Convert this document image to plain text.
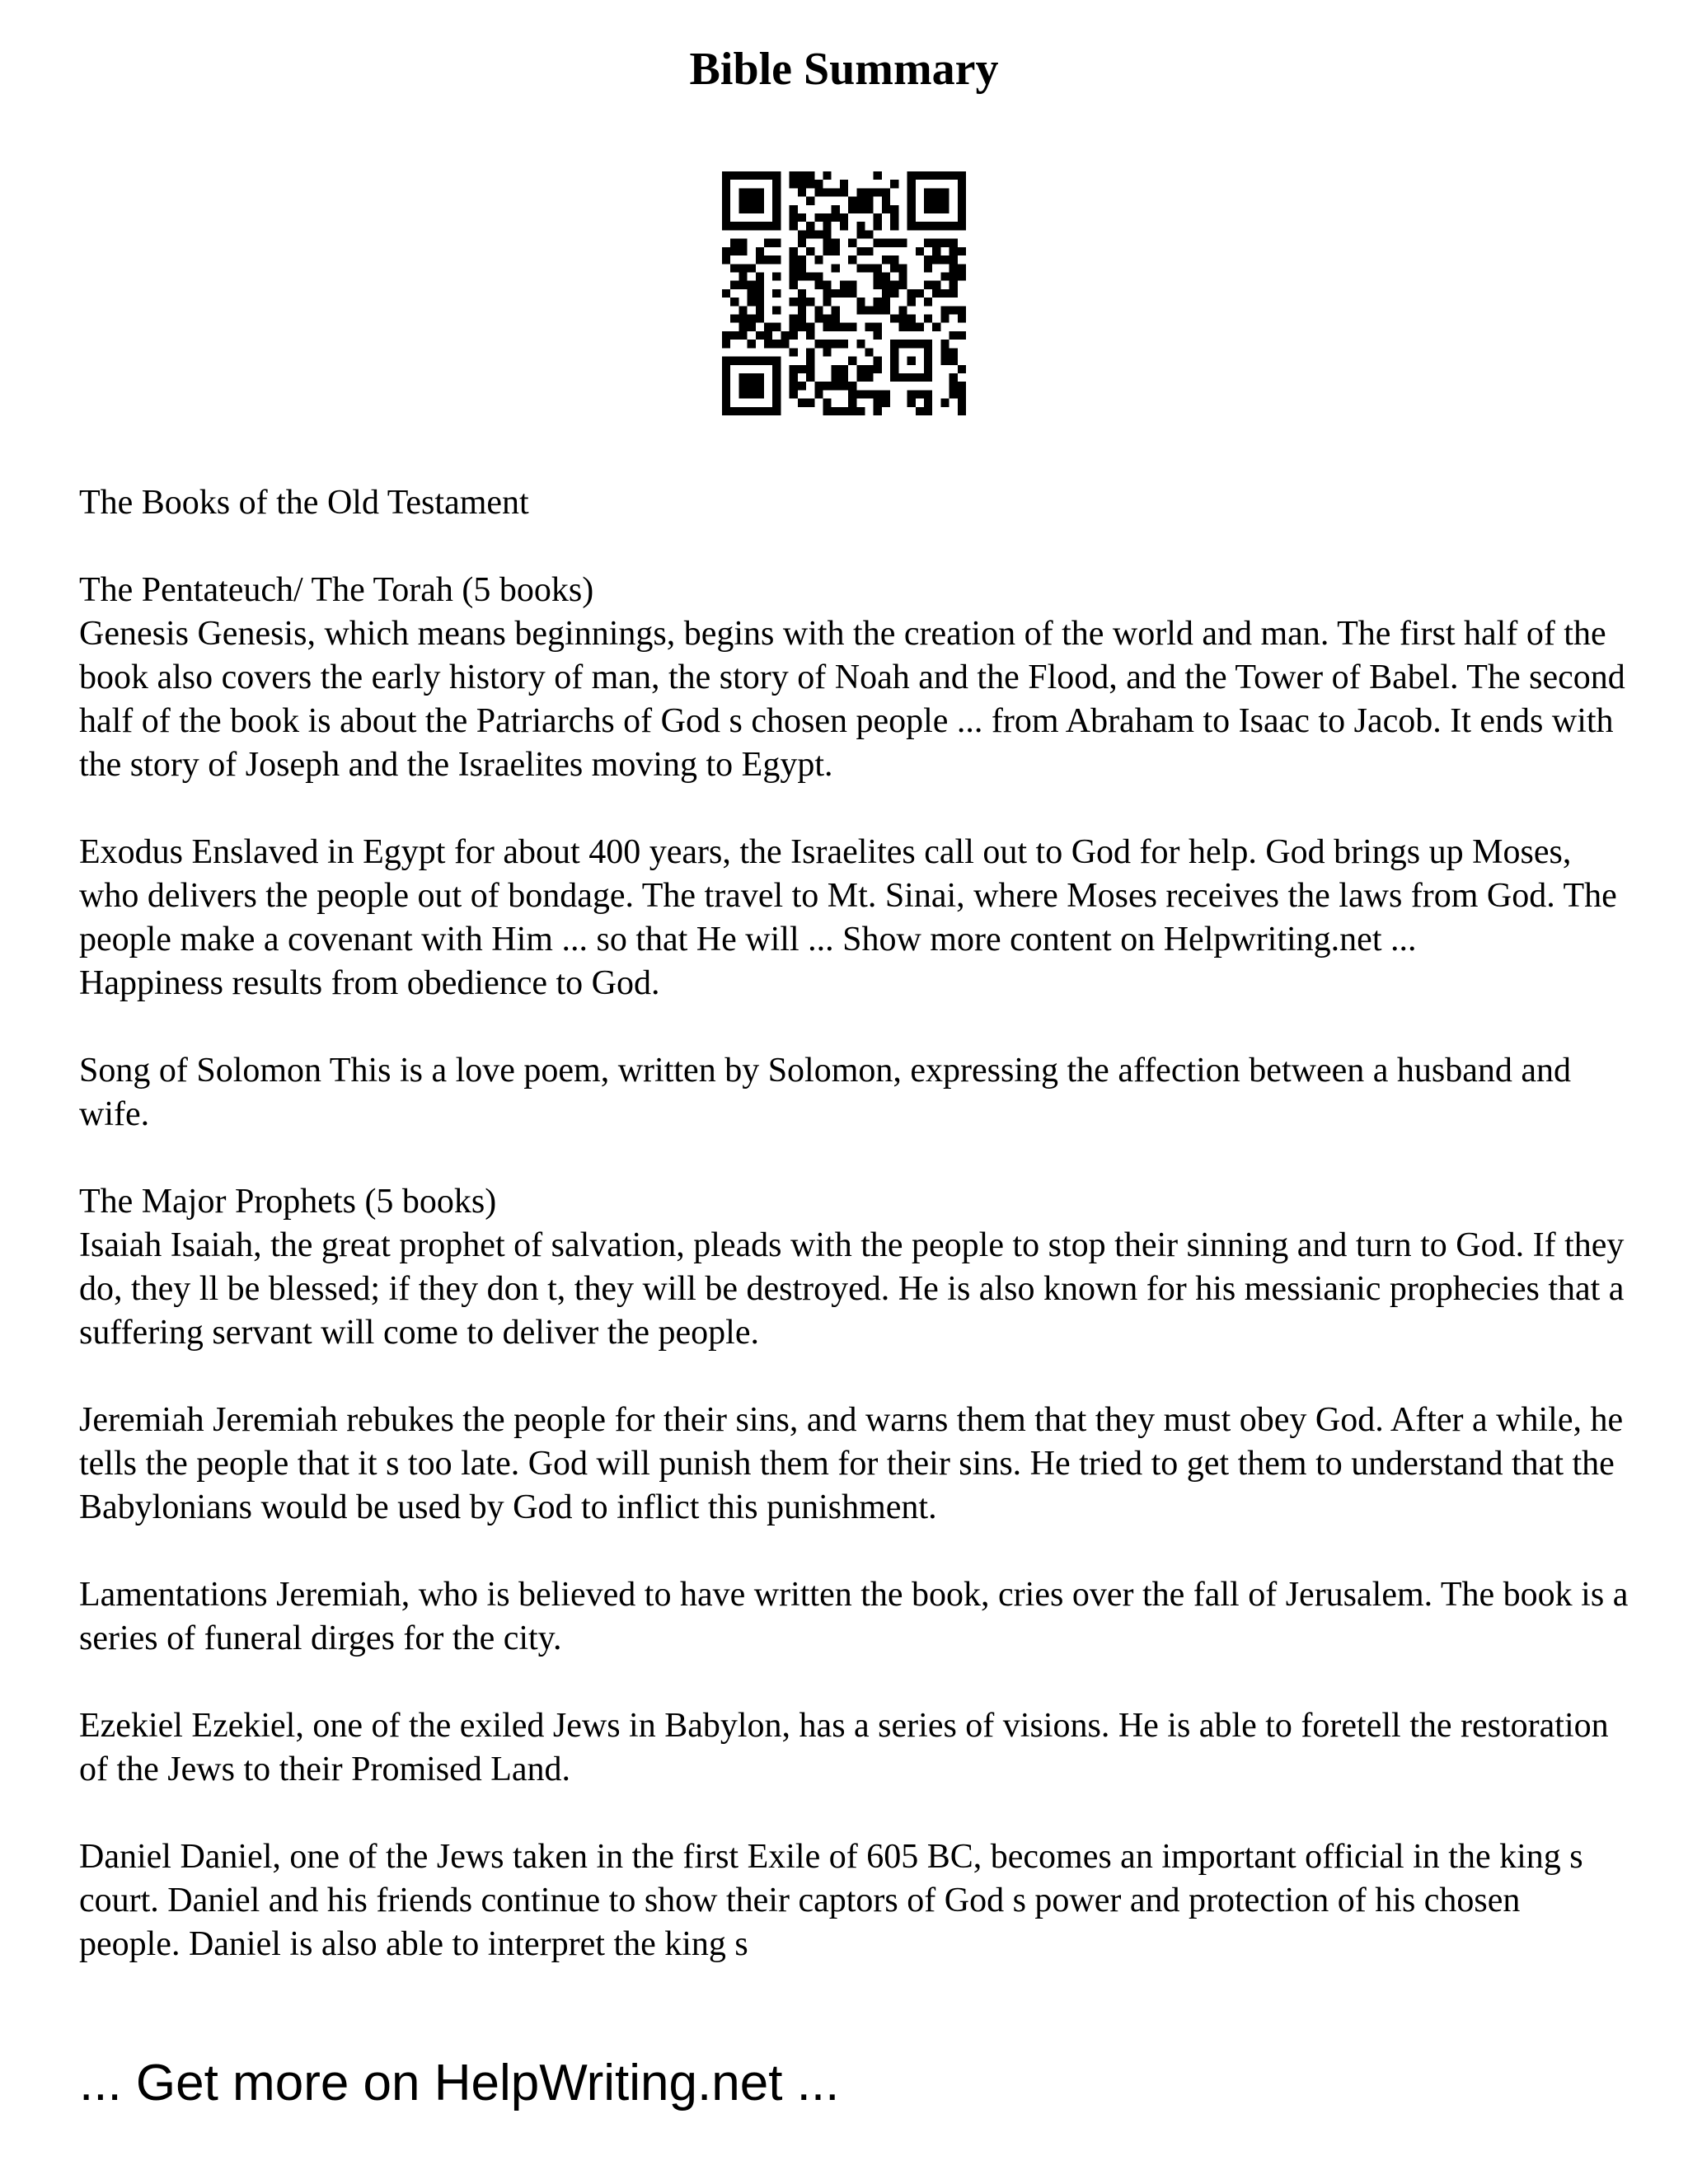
Bible Summary

The Books of the Old Testament

The Pentateuch/ The Torah (5 books)

Genesis Genesis, which means beginnings, begins with the creation of the world and man. The first half of the book also covers the early history of man, the story of Noah and the Flood, and the Tower of Babel. The second half of the book is about the Patriarchs of God s chosen people ... from Abraham to Isaac to Jacob. It ends with the story of Joseph and the Israelites moving to Egypt.

Exodus Enslaved in Egypt for about 400 years, the Israelites call out to God for help. God brings up Moses, who delivers the people out of bondage. The travel to Mt. Sinai, where Moses receives the laws from God. The people make a covenant with Him ... so that He will ... Show more content on Helpwriting.net ...

Happiness results from obedience to God.

Song of Solomon This is a love poem, written by Solomon, expressing the affection between a husband and wife.

The Major Prophets (5 books)

Isaiah Isaiah, the great prophet of salvation, pleads with the people to stop their sinning and turn to God. If they do, they ll be blessed; if they don t, they will be destroyed. He is also known for his messianic prophecies that a suffering servant will come to deliver the people.

Jeremiah Jeremiah rebukes the people for their sins, and warns them that they must obey God. After a while, he tells the people that it s too late. God will punish them for their sins. He tried to get them to understand that the Babylonians would be used by God to inflict this punishment.

Lamentations Jeremiah, who is believed to have written the book, cries over the fall of Jerusalem. The book is a series of funeral dirges for the city.

Ezekiel Ezekiel, one of the exiled Jews in Babylon, has a series of visions. He is able to foretell the restoration of the Jews to their Promised Land.

Daniel Daniel, one of the Jews taken in the first Exile of 605 BC, becomes an important official in the king s court. Daniel and his friends continue to show their captors of God s power and protection of his chosen people. Daniel is also able to interpret the king s

... Get more on HelpWriting.net ...
